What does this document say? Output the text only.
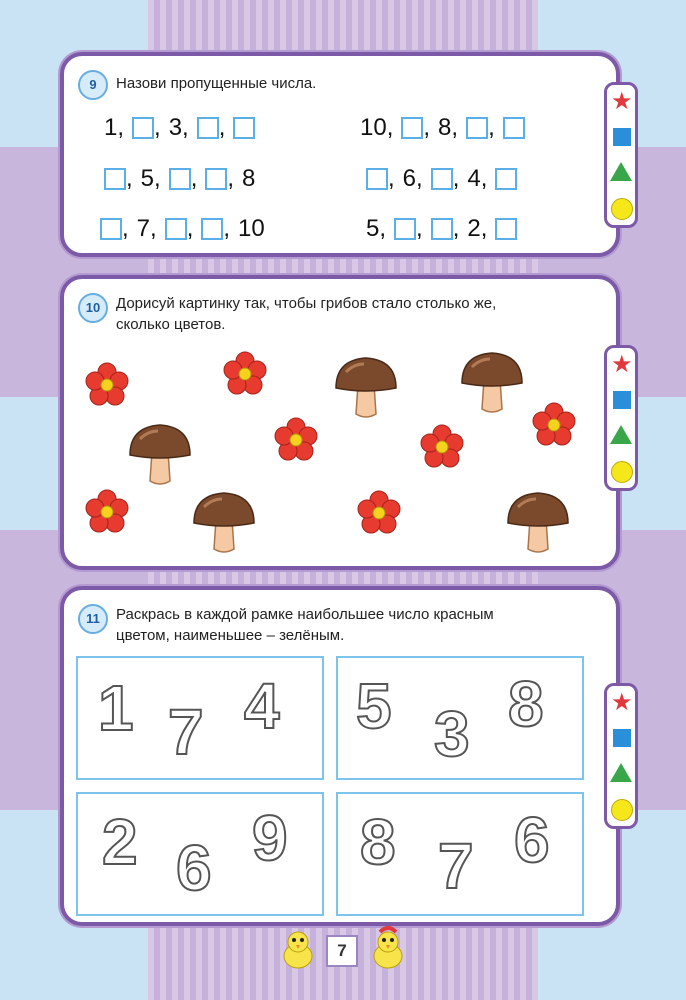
9	Назови пропущенные числа.
1, , 3, ,	10, , 8, ,
, 5, , , 8	, 6, , 4,
, 7, , , 10	5, , , 2,
10	Дорисуй картинку так, чтобы грибов стало столько же,
сколько цветов.
11	Раскрась в каждой рамке наибольшее число красным
цветом, наименьшее – зелёным.
1 7 4 5 3 8
2 6 9 8 7 6
★
★
★
7
